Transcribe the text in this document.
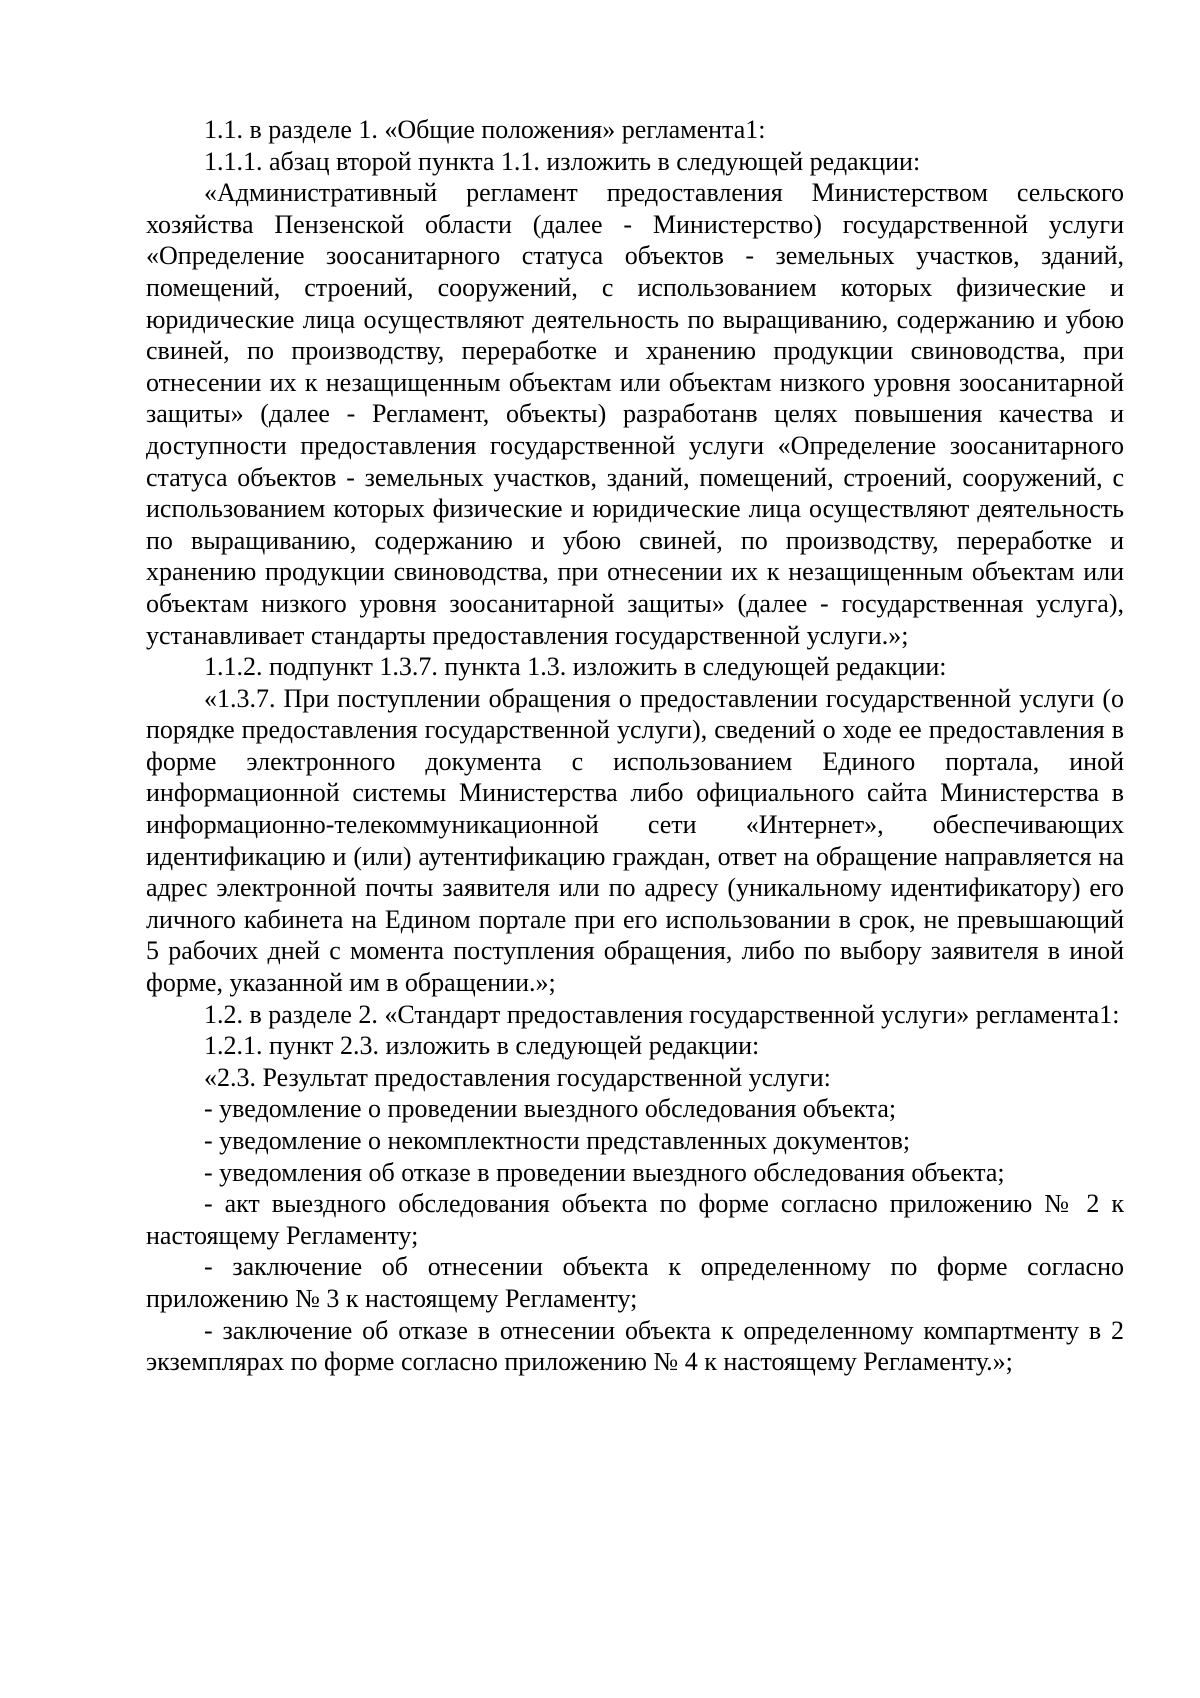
1.1. в разделе 1. «Общие положения» регламента1:

1.1.1. абзац второй пункта 1.1. изложить в следующей редакции:

«Административный регламент предоставления Министерством сельского хозяйства Пензенской области (далее - Министерство) государственной услуги «Определение зоосанитарного статуса объектов - земельных участков, зданий, помещений, строений, сооружений, с использованием которых физические и юридические лица осуществляют деятельность по выращиванию, содержанию и убою свиней, по производству, переработке и хранению продукции свиноводства, при отнесении их к незащищенным объектам или объектам низкого уровня зоосанитарной защиты» (далее - Регламент, объекты) разработанв целях повышения качества и доступности предоставления государственной услуги «Определение зоосанитарного статуса объектов - земельных участков, зданий, помещений, строений, сооружений, с использованием которых физические и юридические лица осуществляют деятельность по выращиванию, содержанию и убою свиней, по производству, переработке и хранению продукции свиноводства, при отнесении их к незащищенным объектам или объектам низкого уровня зоосанитарной защиты» (далее - государственная услуга), устанавливает стандарты предоставления государственной услуги.»;

1.1.2. подпункт 1.3.7. пункта 1.3. изложить в следующей редакции:

«1.3.7. При поступлении обращения о предоставлении государственной услуги (о порядке предоставления государственной услуги), сведений о ходе ее предоставления в форме электронного документа с использованием Единого портала, иной информационной системы Министерства либо официального сайта Министерства в информационно-телекоммуникационной сети «Интернет», обеспечивающих идентификацию и (или) аутентификацию граждан, ответ на обращение направляется на адрес электронной почты заявителя или по адресу (уникальному идентификатору) его личного кабинета на Едином портале при его использовании в срок, не превышающий 5 рабочих дней с момента поступления обращения, либо по выбору заявителя в иной форме, указанной им в обращении.»;

1.2. в разделе 2. «Стандарт предоставления государственной услуги» регламента1:

1.2.1. пункт 2.3. изложить в следующей редакции:

«2.3. Результат предоставления государственной услуги:

- уведомление о проведении выездного обследования объекта;

- уведомление о некомплектности представленных документов;

- уведомления об отказе в проведении выездного обследования объекта;

- акт выездного обследования объекта по форме согласно приложению № 2 к настоящему Регламенту;

- заключение об отнесении объекта к определенному по форме согласно приложению № 3 к настоящему Регламенту;

- заключение об отказе в отнесении объекта к определенному компартменту в 2 экземплярах по форме согласно приложению № 4 к настоящему Регламенту.»;
